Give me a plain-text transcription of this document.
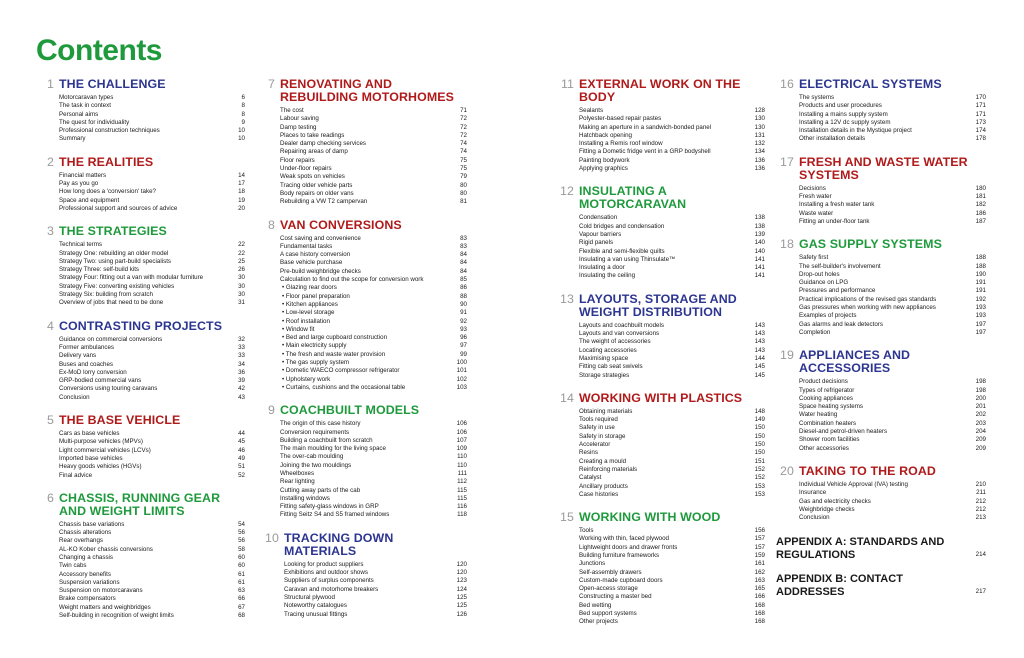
Contents
1 THE CHALLENGE
Motorcaravan types	6
The task in context	8
Personal aims	8
The quest for individuality	9
Professional construction techniques	10
Summary	10
2 THE REALITIES
Financial matters	14
Pay as you go	17
How long does a 'conversion' take?	18
Space and equipment	19
Professional support and sources of advice	20
3 THE STRATEGIES
Technical terms	22
Strategy One: rebuilding an older model	22
Strategy Two: using part-build specialists	25
Strategy Three: self-build kits	26
Strategy Four: fitting out a van with modular furniture	30
Strategy Five: converting existing vehicles	30
Strategy Six: building from scratch	30
Overview of jobs that need to be done	31
4 CONTRASTING PROJECTS
Guidance on commercial conversions	32
Former ambulances	33
Delivery vans	33
Buses and coaches	34
Ex-MoD lorry conversion	36
GRP-bodied commercial vans	39
Conversions using touring caravans	42
Conclusion	43
5 THE BASE VEHICLE
Cars as base vehicles	44
Multi-purpose vehicles (MPVs)	45
Light commercial vehicles (LCVs)	46
Imported base vehicles	49
Heavy goods vehicles (HGVs)	51
Final advice	52
6 CHASSIS, RUNNING GEAR AND WEIGHT LIMITS
Chassis base variations	54
Chassis alterations	56
Rear overhangs	56
AL-KO Kober chassis conversions	58
Changing a chassis	60
Twin cabs	60
Accessory benefits	61
Suspension variations	61
Suspension on motorcaravans	63
Brake compensators	66
Weight matters and weighbridges	67
Self-building in recognition of weight limits	68
7 RENOVATING AND REBUILDING MOTORHOMES
The cost	71
Labour saving	72
Damp testing	72
Places to take readings	72
Dealer damp checking services	74
Repairing areas of damp	74
Floor repairs	75
Under-floor repairs	75
Weak spots on vehicles	79
Tracing older vehicle parts	80
Body repairs on older vans	80
Rebuilding a VW T2 campervan	81
8 VAN CONVERSIONS
Cost saving and convenience	83
Fundamental tasks	83
A case history conversion	84
Base vehicle purchase	84
Pre-build weighbridge checks	84
Calculation to find out the scope for conversion work	85
• Glazing rear doors	86
• Floor panel preparation	88
• Kitchen appliances	90
• Low-level storage	91
• Roof installation	92
• Window fit	93
• Bed and large cupboard construction	96
• Main electricity supply	97
• The fresh and waste water provision	99
• The gas supply system	100
• Dometic WAECO compressor refrigerator	101
• Upholstery work	102
• Curtains, cushions and the occasional table	103
9 COACHBUILT MODELS
The origin of this case history	106
Conversion requirements	106
Building a coachbuilt from scratch	107
The main moulding for the living space	109
The over-cab moulding	110
Joining the two mouldings	110
Wheelboxes	111
Rear lighting	112
Cutting away parts of the cab	115
Installing windows	115
Fitting safety-glass windows in GRP	116
Fitting Seitz S4 and S5 framed windows	118
10 TRACKING DOWN MATERIALS
Looking for product suppliers	120
Exhibitions and outdoor shows	120
Suppliers of surplus components	123
Caravan and motorhome breakers	124
Structural plywood	125
Noteworthy catalogues	125
Tracing unusual fittings	126
11 EXTERNAL WORK ON THE BODY
Sealants	128
Polyester-based repair pastes	130
Making an aperture in a sandwich-bonded panel	130
Hatchback opening	131
Installing a Remis roof window	132
Fitting a Dometic fridge vent in a GRP bodyshell	134
Painting bodywork	136
Applying graphics	136
12 INSULATING A MOTORCARAVAN
Condensation	138
Cold bridges and condensation	138
Vapour barriers	139
Rigid panels	140
Flexible and semi-flexible quilts	140
Insulating a van using Thinsulate™	141
Insulating a door	141
Insulating the ceiling	141
13 LAYOUTS, STORAGE AND WEIGHT DISTRIBUTION
Layouts and coachbuilt models	143
Layouts and van conversions	143
The weight of accessories	143
Locating accessories	143
Maximising space	144
Fitting cab seat swivels	145
Storage strategies	145
14 WORKING WITH PLASTICS
Obtaining materials	148
Tools required	149
Safety in use	150
Safety in storage	150
Accelerator	150
Resins	150
Creating a mould	151
Reinforcing materials	152
Catalyst	152
Ancillary products	153
Case histories	153
15 WORKING WITH WOOD
Tools	156
Working with thin, faced plywood	157
Lightweight doors and drawer fronts	157
Building furniture frameworks	159
Junctions	161
Self-assembly drawers	162
Custom-made cupboard doors	163
Open-access storage	165
Constructing a master bed	166
Bed wetting	168
Bed support systems	168
Other projects	168
16 ELECTRICAL SYSTEMS
The systems	170
Products and user procedures	171
Installing a mains supply system	171
Installing a 12V dc supply system	173
Installation details in the Mystique project	174
Other installation details	178
17 FRESH AND WASTE WATER SYSTEMS
Decisions	180
Fresh water	181
Installing a fresh water tank	182
Waste water	186
Fitting an under-floor tank	187
18 GAS SUPPLY SYSTEMS
Safety first	188
The self-builder's involvement	188
Drop-out holes	190
Guidance on LPG	191
Pressures and performance	191
Practical implications of the revised gas standards	192
Gas pressures when working with new appliances	193
Examples of projects	193
Gas alarms and leak detectors	197
Completion	197
19 APPLIANCES AND ACCESSORIES
Product decisions	198
Types of refrigerator	198
Cooking appliances	200
Space heating systems	201
Water heating	202
Combination heaters	203
Diesel-and petrol-driven heaters	204
Shower room facilities	209
Other accessories	209
20 TAKING TO THE ROAD
Individual Vehicle Approval (IVA) testing	210
Insurance	211
Gas and electricity checks	212
Weighbridge checks	212
Conclusion	213
APPENDIX A: STANDARDS AND REGULATIONS	214
APPENDIX B: CONTACT ADDRESSES	217
